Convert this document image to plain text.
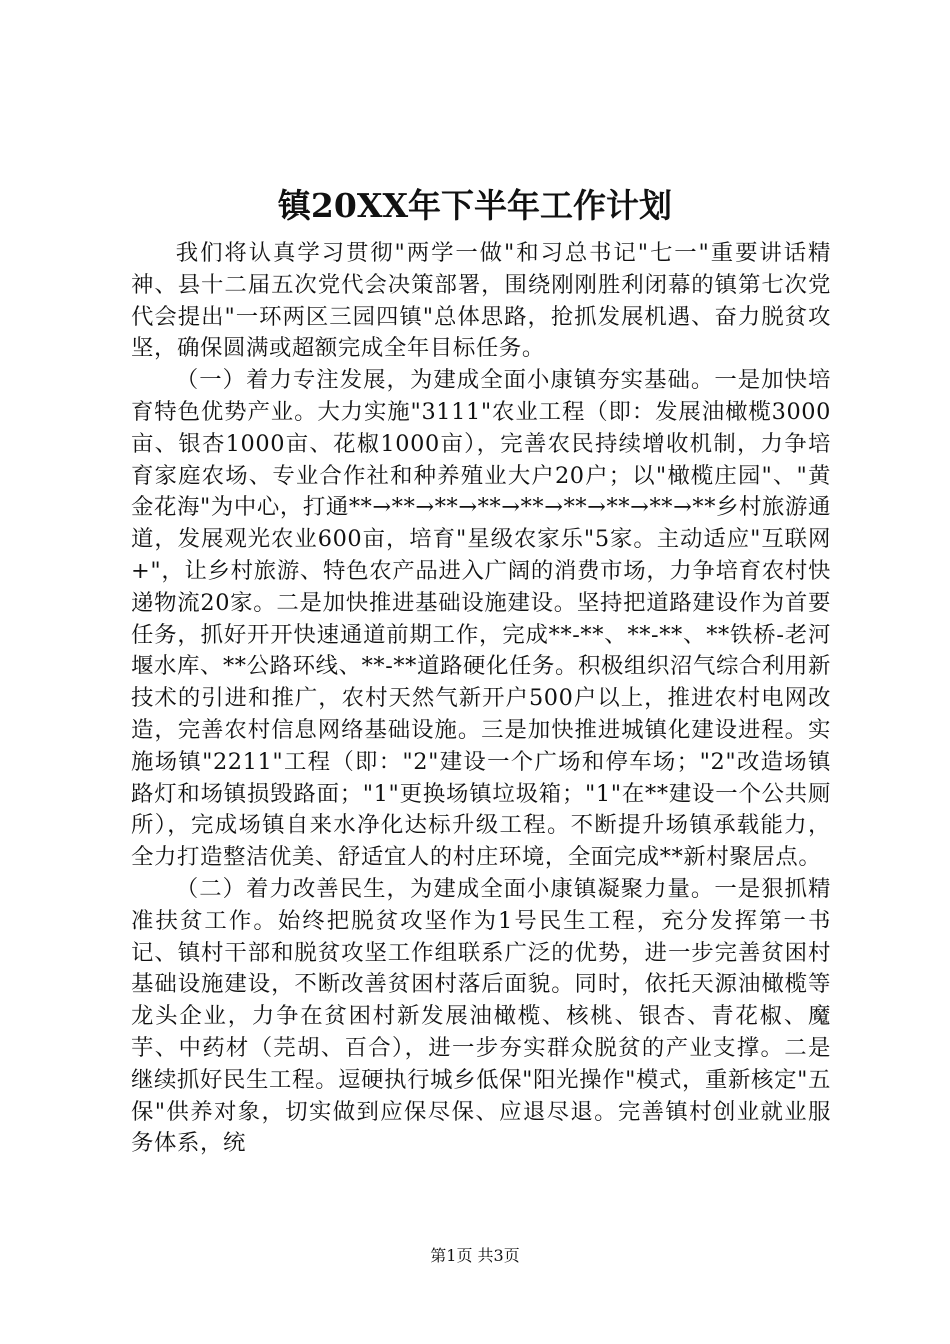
镇20XX年下半年工作计划

我们将认真学习贯彻"两学一做"和习总书记"七一"重要讲话精神、县十二届五次党代会决策部署，围绕刚刚胜利闭幕的镇第七次党代会提出"一环两区三园四镇"总体思路，抢抓发展机遇、奋力脱贫攻坚，确保圆满或超额完成全年目标任务。

（一）着力专注发展，为建成全面小康镇夯实基础。一是加快培育特色优势产业。大力实施"3111"农业工程（即：发展油橄榄3000亩、银杏1000亩、花椒1000亩），完善农民持续增收机制，力争培育家庭农场、专业合作社和种养殖业大户20户；以"橄榄庄园"、"黄金花海"为中心，打通**→**→**→**→**→**→**→**→**乡村旅游通道，发展观光农业600亩，培育"星级农家乐"5家。主动适应"互联网+"，让乡村旅游、特色农产品进入广阔的消费市场，力争培育农村快递物流20家。二是加快推进基础设施建设。坚持把道路建设作为首要任务，抓好开开快速通道前期工作，完成**-**、**-**、**铁桥-老河堰水库、**公路环线、**-**道路硬化任务。积极组织沼气综合利用新技术的引进和推广，农村天然气新开户500户以上，推进农村电网改造，完善农村信息网络基础设施。三是加快推进城镇化建设进程。实施场镇"2211"工程（即："2"建设一个广场和停车场；"2"改造场镇路灯和场镇损毁路面；"1"更换场镇垃圾箱；"1"在**建设一个公共厕所），完成场镇自来水净化达标升级工程。不断提升场镇承载能力，全力打造整洁优美、舒适宜人的村庄环境，全面完成**新村聚居点。

（二）着力改善民生，为建成全面小康镇凝聚力量。一是狠抓精准扶贫工作。始终把脱贫攻坚作为1号民生工程，充分发挥第一书记、镇村干部和脱贫攻坚工作组联系广泛的优势，进一步完善贫困村基础设施建设，不断改善贫困村落后面貌。同时，依托天源油橄榄等龙头企业，力争在贫困村新发展油橄榄、核桃、银杏、青花椒、魔芋、中药材（芫胡、百合），进一步夯实群众脱贫的产业支撑。二是继续抓好民生工程。逗硬执行城乡低保"阳光操作"模式，重新核定"五保"供养对象，切实做到应保尽保、应退尽退。完善镇村创业就业服务体系，统

第1页 共3页
